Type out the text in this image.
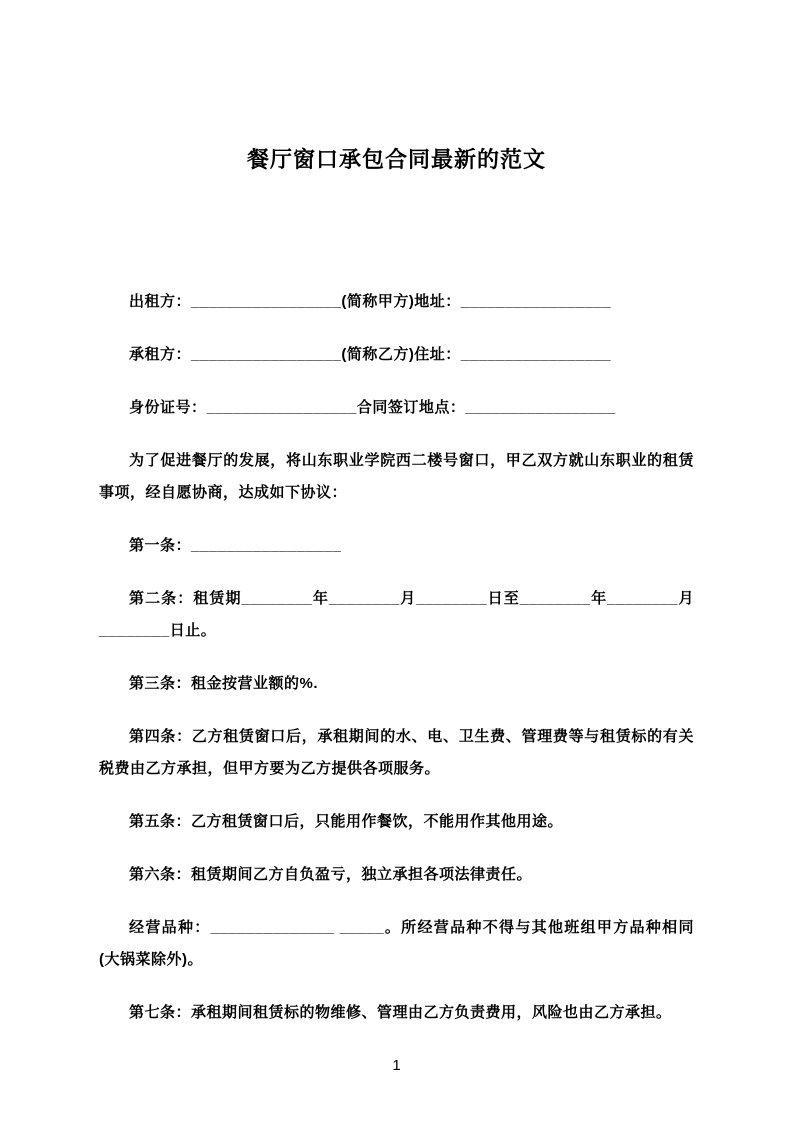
餐厅窗口承包合同最新的范文

出租方：_________________(简称甲方)地址：_________________

承租方：_________________(简称乙方)住址：_________________

身份证号：_________________合同签订地点：_________________

为了促进餐厅的发展，将山东职业学院西二楼号窗口，甲乙双方就山东职业的租赁事项，经自愿协商，达成如下协议：

第一条：_________________

第二条：租赁期________年________月________日至________年________月________日止。

第三条：租金按营业额的%.

第四条：乙方租赁窗口后，承租期间的水、电、卫生费、管理费等与租赁标的有关税费由乙方承担，但甲方要为乙方提供各项服务。

第五条：乙方租赁窗口后，只能用作餐饮，不能用作其他用途。

第六条：租赁期间乙方自负盈亏，独立承担各项法律责任。

经营品种：______________ _____。所经营品种不得与其他班组甲方品种相同(大锅菜除外)。

第七条：承租期间租赁标的物维修、管理由乙方负责费用，风险也由乙方承担。

1
